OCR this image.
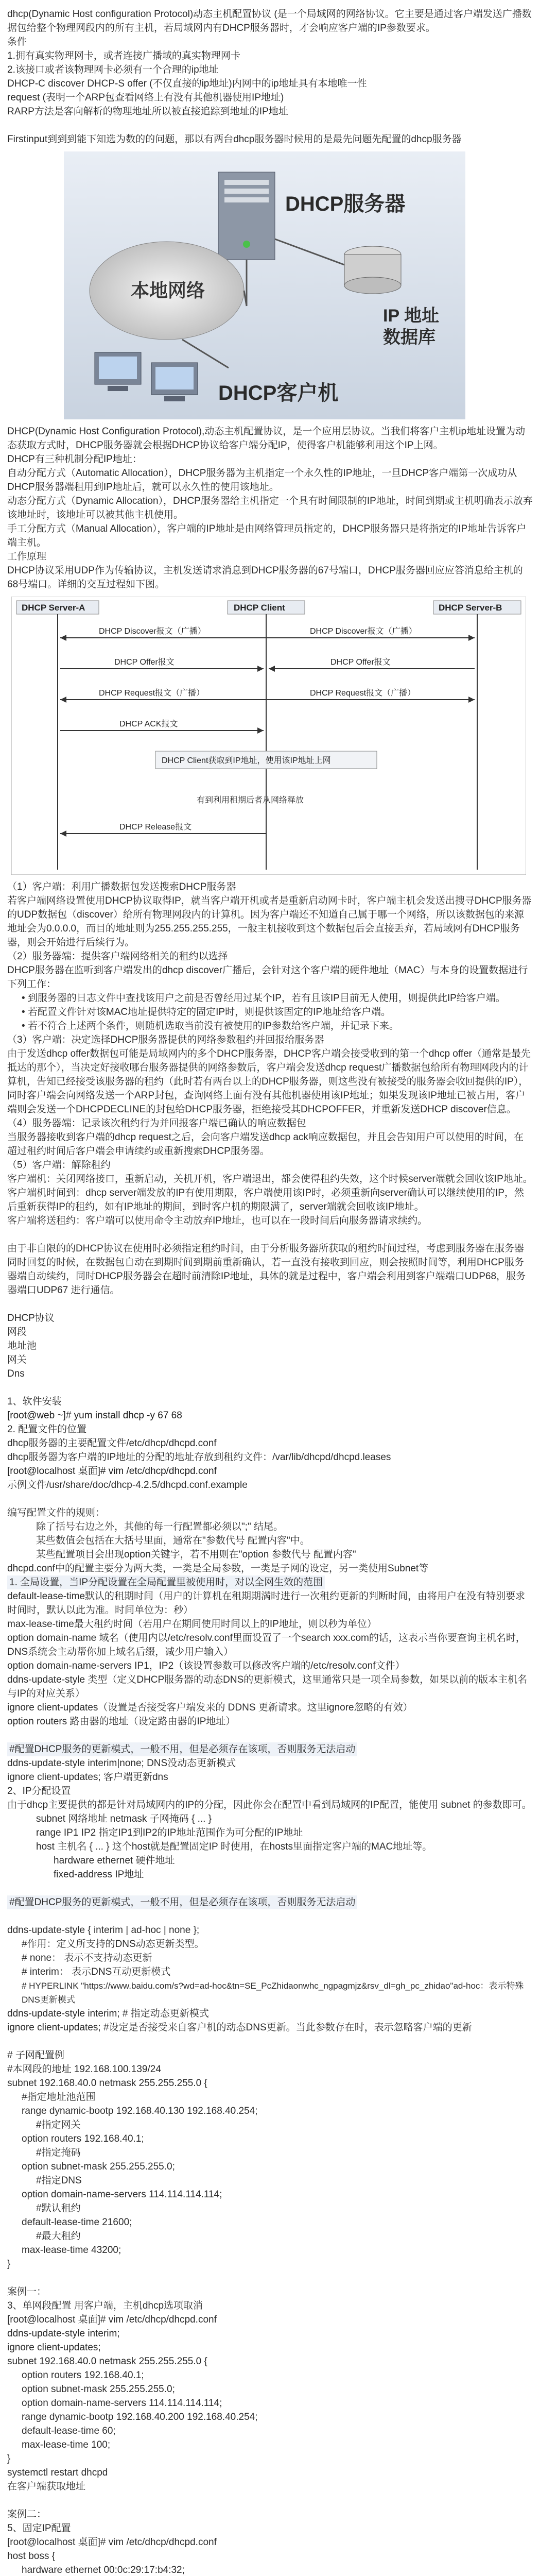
dhcp(Dynamic Host configuration Protocol)动态主机配置协议 (是一个局域网的网络协议。它主要是通过客户端发送广播数据包给整个物理网段内的所有主机，若局域网内有DHCP服务器时，才会响应客户端的IP参数要求。

条件

1.拥有真实物理网卡，或者连接广播域的真实物理网卡

2.该接口或者该物理网卡必须有一个合理的ip地址

DHCP-C discover DHCP-S offer (不仅直接的ip地址)内网中的ip地址具有本地唯一性

request (表明一个ARP包查看网络上有没有其他机器使用IP地址)

RARP方法是客向解析的物理地址所以被直接追踪到地址的IP地址

Firstinput到到到能下知选为数的的问题，那以有两台dhcp服务器时候用的是最先问题先配置的dhcp服务器

DHCP服务器
IP 地址
数据库
本地网络
DHCP客户机

DHCP(Dynamic Host Configuration Protocol),动态主机配置协议，是一个应用层协议。当我们将客户主机ip地址设置为动态获取方式时，DHCP服务器就会根据DHCP协议给客户端分配IP，使得客户机能够利用这个IP上网。

DHCP有三种机制分配IP地址：

自动分配方式（Automatic Allocation），DHCP服务器为主机指定一个永久性的IP地址，一旦DHCP客户端第一次成功从DHCP服务器端租用到IP地址后，就可以永久性的使用该地址。

动态分配方式（Dynamic Allocation），DHCP服务器给主机指定一个具有时间限制的IP地址，时间到期或主机明确表示放弃该地址时，该地址可以被其他主机使用。

手工分配方式（Manual Allocation），客户端的IP地址是由网络管理员指定的，DHCP服务器只是将指定的IP地址告诉客户端主机。

工作原理

DHCP协议采用UDP作为传输协议，主机发送请求消息到DHCP服务器的67号端口，DHCP服务器回应应答消息给主机的68号端口。详细的交互过程如下图。

DHCP Server-A	DHCP Client	DHCP Server-B
DHCP Discover报文（广播）	DHCP Discover报文（广播）
DHCP Offer报文	DHCP Offer报文
DHCP Request报文（广播）	DHCP Request报文（广播）
DHCP ACK报文
DHCP Client获取到IP地址，使用该IP地址上网
有到利用租期后者从网络释放
DHCP Release报文

（1）客户端：利用广播数据包发送搜索DHCP服务器

若客户端网络设置使用DHCP协议取得IP，就当客户端开机或者是重新启动网卡时，客户端主机会发送出搜寻DHCP服务器的UDP数据包（discover）给所有物理网段内的计算机。因为客户端还不知道自己属于哪一个网络，所以该数据包的来源地址会为0.0.0.0，而目的地址则为255.255.255.255，一般主机接收到这个数据包后会直接丢弃，若局域网有DHCP服务器，则会开始进行后续行为。

（2）服务器端：提供客户端网络相关的租约以选择

DHCP服务器在监听到客户端发出的dhcp discover广播后，会针对这个客户端的硬件地址（MAC）与本身的设置数据进行下列工作：

• 到服务器的日志文件中查找该用户之前是否曾经用过某个IP，若有且该IP目前无人使用，则提供此IP给客户端。

• 若配置文件针对该MAC地址提供特定的固定IP时，则提供该固定的IP地址给客户端。

• 若不符合上述两个条件，则随机选取当前没有被使用的IP参数给客户端，并记录下来。

（3）客户端：决定选择DHCP服务器提供的网络参数租约并回报给服务器

由于发送dhcp offer数据包可能是局域网内的多个DHCP服务器，DHCP客户端会接受收到的第一个dhcp offer（通常是最先抵达的那个），当决定好接收哪台服务器提供的网络参数后，客户端会发送dhcp request广播数据包给所有物理网段内的计算机，告知已经接受该服务器的租约（此时若有两台以上的DHCP服务器，则这些没有被接受的服务器会收回提供的IP），同时客户端会向网络发送一个ARP封包，查询网络上面有没有其他机器使用该IP地址；如果发现该IP地址已被占用，客户端则会发送一个DHCPDECLINE的封包给DHCP服务器，拒绝接受其DHCPOFFER，并重新发送DHCP discover信息。

（4）服务器端：记录该次租约行为并回报客户端已确认的响应数据包

当服务器接收到客户端的dhcp request之后，会向客户端发送dhcp ack响应数据包，并且会告知用户可以使用的时间，在超过租约时间后客户端会申请续约或重新搜索DHCP服务器。

（5）客户端：解除租约

客户端机：关闭网络接口，重新启动，关机开机，客户端退出，都会使得租约失效，这个时候server端就会回收该IP地址。

客户端机时间到：dhcp server端发放的IP有使用期限，客户端使用该IP时，必须重新向server确认可以继续使用的IP，然后重新获得IP的租约，如有IP地址的期间，到时客户机的期限满了，server端就会回收该IP地址。

客户端将送租约：客户端可以使用命令主动放弃IP地址，也可以在一段时间后向服务器请求续约。

由于非自限的的DHCP协议在使用时必须指定租约时间，由于分析服务器所获取的租约时间过程，考虑到服务器在服务器同时回复的时候，在数据包自动在到期时间到期前重新确认，若一直没有接收到回应，则会按照时间等，利用DHCP服务器端自动续约，同时DHCP服务器会在超时前清除IP地址，具体的就是过程中，客户端会利用到客户端端口UDP68，服务器端口UDP67 进行通信。

DHCP协议

网段

地址池

网关

Dns

1、软件安装

[root@web ~]# yum install dhcp -y 67 68

2. 配置文件的位置

dhcp服务器的主要配置文件/etc/dhcp/dhcpd.conf

dhcp服务器为客户端的IP地址的分配的地址存放到租约文件：/var/lib/dhcpd/dhcpd.leases

[root@localhost 桌面]# vim /etc/dhcp/dhcpd.conf

示例文件/usr/share/doc/dhcp-4.2.5/dhcpd.conf.example

编写配置文件的规则：

除了括号右边之外，其他的每一行配置都必须以";" 结尾。

某些数值会包括在大括号里面，通常在"参数代号 配置内容"中。

某些配置项目会出现option关键字，若不用则在"option 参数代号 配置内容"

dhcpd.conf中的配置主要分为两大类，一类是全局参数，一类是子网的设定，另一类使用Subnet等

1. 全局设置，当IP分配设置在全局配置里被使用时，对以全网生效的范围

default-lease-time默认的租期时间（用户的计算机在租期期满时进行一次租约更新的判断时间，由将用户在没有特别要求时间时，默认以此为准。时间单位为：秒）

max-lease-time最大租约时间（若用户在期间使用时间以上的IP地址，则以秒为单位）

option domain-name 域名（使用内以/etc/resolv.conf里面设置了一个search xxx.com的话，这表示当你要查询主机名时，DNS系统会主动帮你加上域名后缀，减少用户输入）

option domain-name-servers IP1，IP2（该设置参数可以修改客户端的/etc/resolv.conf文件）

ddns-update-style 类型（定义DHCP服务器的动态DNS的更新模式，这里通常只是一项全局参数，如果以前的版本主机名与IP的对应关系）

ignore client-updates（设置是否接受客户端发来的 DDNS 更新请求。这里ignore忽略的有效）

option routers 路由器的地址（设定路由器的IP地址）

#配置DHCP服务的更新模式，一般不用，但是必须存在该项，否则服务无法启动

ddns-update-style interim|none; DNS没动态更新模式

ignore client-updates; 客户端更新dns

2、IP分配设置

由于dhcp主要提供的都是针对局域网内的IP的分配，因此你会在配置中看到局域网的IP配置，能使用 subnet 的参数即可。

subnet 网络地址 netmask 子网掩码 { ... }

range IP1 IP2 指定IP1到IP2的IP地址范围作为可分配的IP地址

host 主机名 { ... } 这个host就是配置固定IP 时使用，在hosts里面指定客户端的MAC地址等。

hardware ethernet 硬件地址

fixed-address IP地址

#配置DHCP服务的更新模式，一般不用，但是必须存在该项，否则服务无法启动

ddns-update-style { interim | ad-hoc | none };

#作用：定义所支持的DNS动态更新类型。

# none： 表示不支持动态更新

# interim： 表示DNS互动更新模式

# HYPERLINK "https://www.baidu.com/s?wd=ad-hoc&tn=SE_PcZhidaonwhc_ngpagmjz&rsv_dl=gh_pc_zhidao"ad-hoc：表示特殊DNS更新模式

ddns-update-style interim; # 指定动态更新模式

ignore client-updates; #设定是否接受来自客户机的动态DNS更新。当此参数存在时，表示忽略客户端的更新

# 子网配置例

#本网段的地址 192.168.100.139/24

subnet 192.168.40.0 netmask 255.255.255.0 {

#指定地址池范围

range dynamic-bootp 192.168.40.130 192.168.40.254;

#指定网关

option routers 192.168.40.1;

#指定掩码

option subnet-mask 255.255.255.0;

#指定DNS

option domain-name-servers 114.114.114.114;

#默认租约

default-lease-time 21600;

#最大租约

max-lease-time 43200;

}

案例一：

3、单网段配置 用客户端，主机dhcp选项取消

[root@localhost 桌面]# vim /etc/dhcp/dhcpd.conf

ddns-update-style interim;

ignore client-updates;

subnet 192.168.40.0 netmask 255.255.255.0 {

option routers 192.168.40.1;

option subnet-mask 255.255.255.0;

option domain-name-servers 114.114.114.114;

range dynamic-bootp 192.168.40.200 192.168.40.254;

default-lease-time 60;

max-lease-time 100;

}

systemctl restart dhcpd

在客户端获取地址

案例二：

5、固定IP配置

[root@localhost 桌面]# vim /etc/dhcp/dhcpd.conf

host boss {

hardware ethernet 00:0c:29:17:b4:32;
